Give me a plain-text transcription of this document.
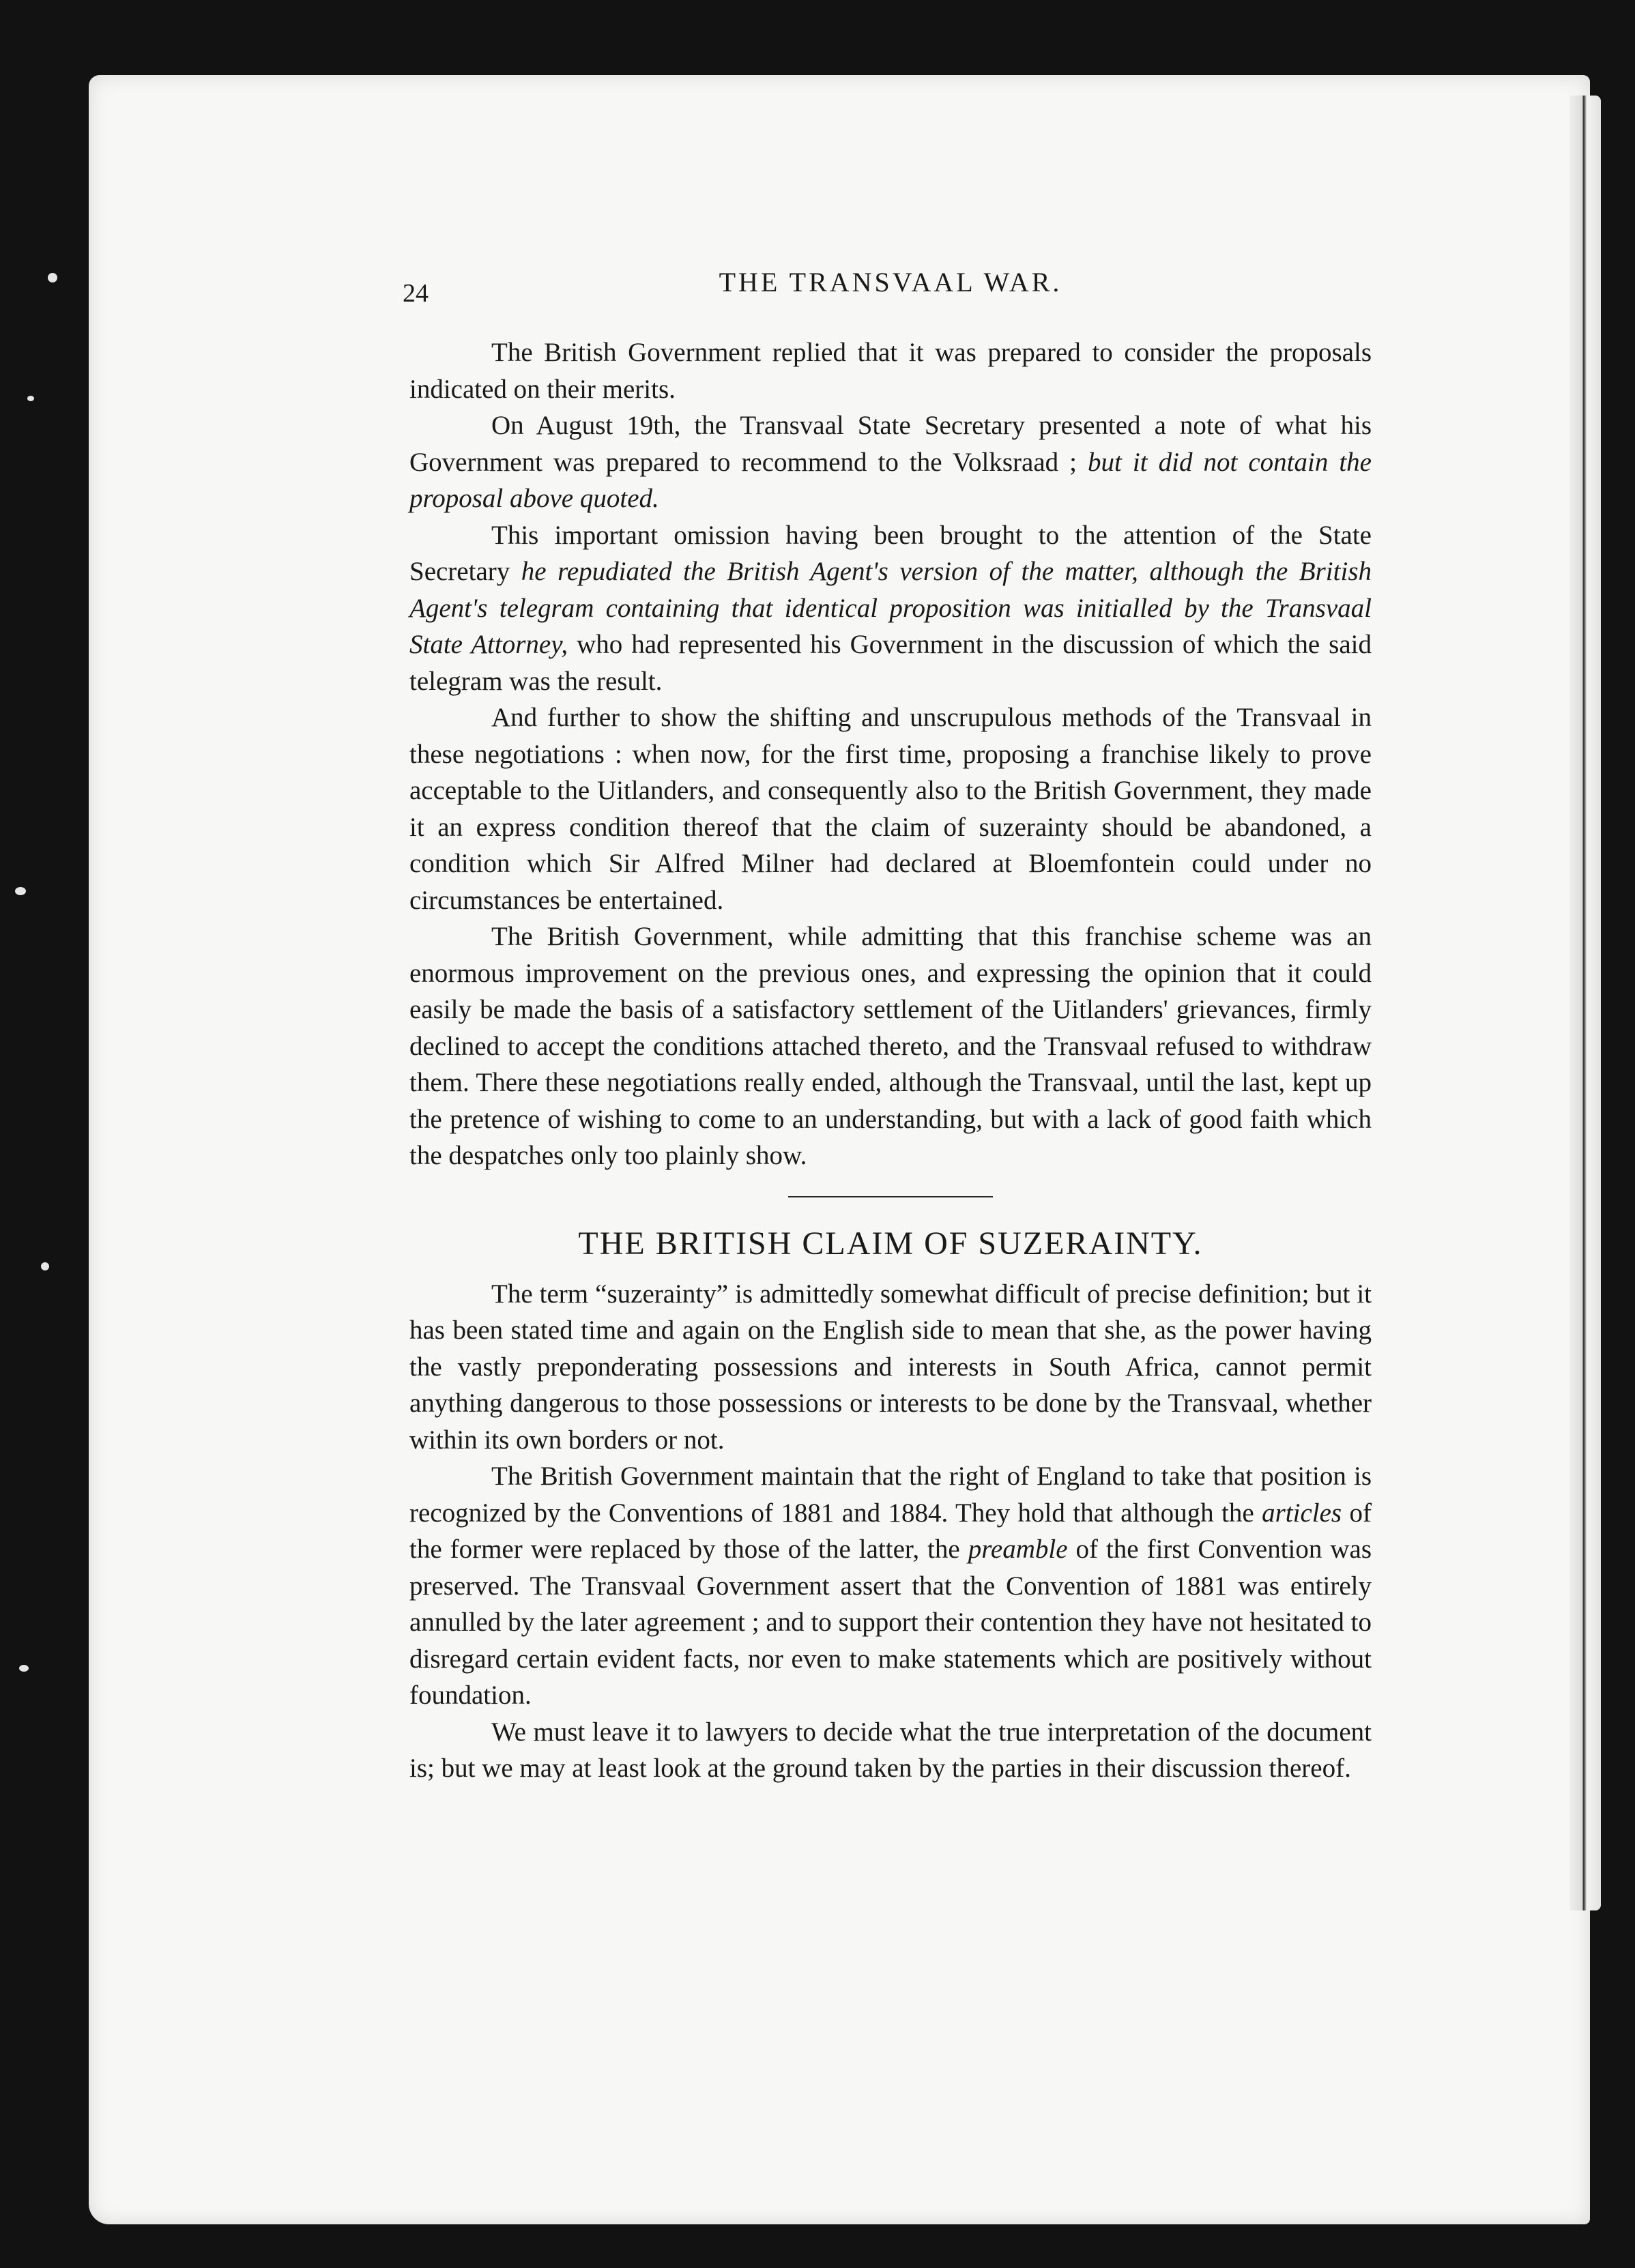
24	THE TRANSVAAL WAR.

The British Government replied that it was prepared to consider the proposals indicated on their merits.

On August 19th, the Transvaal State Secretary presented a note of what his Government was prepared to recommend to the Volksraad ; but it did not contain the proposal above quoted.

This important omission having been brought to the attention of the State Secretary he repudiated the British Agent's version of the matter, although the British Agent's telegram containing that identical proposition was initialled by the Transvaal State Attorney, who had represented his Government in the discussion of which the said telegram was the result.

And further to show the shifting and unscrupulous methods of the Transvaal in these negotiations : when now, for the first time, proposing a franchise likely to prove acceptable to the Uitlanders, and consequently also to the British Government, they made it an express condition thereof that the claim of suzerainty should be abandoned, a condition which Sir Alfred Milner had declared at Bloemfontein could under no circumstances be entertained.

The British Government, while admitting that this franchise scheme was an enormous improvement on the previous ones, and expressing the opinion that it could easily be made the basis of a satisfactory settlement of the Uitlanders' grievances, firmly declined to accept the conditions attached thereto, and the Transvaal refused to withdraw them. There these negotiations really ended, although the Transvaal, until the last, kept up the pretence of wishing to come to an understanding, but with a lack of good faith which the despatches only too plainly show.

THE BRITISH CLAIM OF SUZERAINTY.

The term “suzerainty” is admittedly somewhat difficult of precise definition; but it has been stated time and again on the English side to mean that she, as the power having the vastly preponderating possessions and interests in South Africa, cannot permit anything dangerous to those possessions or interests to be done by the Transvaal, whether within its own borders or not.

The British Government maintain that the right of England to take that position is recognized by the Conventions of 1881 and 1884. They hold that although the articles of the former were replaced by those of the latter, the preamble of the first Convention was preserved. The Transvaal Government assert that the Convention of 1881 was entirely annulled by the later agreement ; and to support their contention they have not hesitated to disregard certain evident facts, nor even to make statements which are positively without foundation.

We must leave it to lawyers to decide what the true interpretation of the document is; but we may at least look at the ground taken by the parties in their discussion thereof.
